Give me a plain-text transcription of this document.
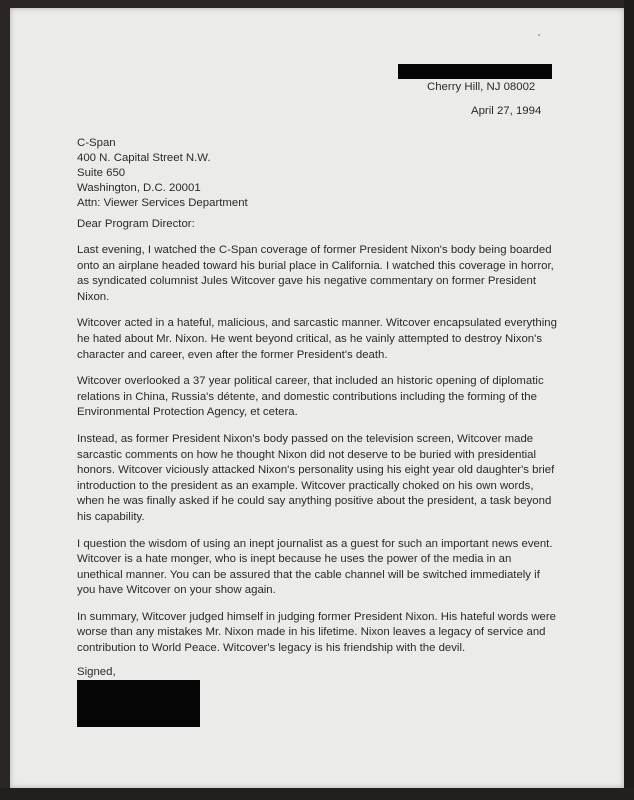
Cherry Hill, NJ 08002
April 27, 1994
C-Span
400 N. Capital Street N.W.
Suite 650
Washington, D.C. 20001
Attn: Viewer Services Department
Dear Program Director:

Last evening, I watched the C-Span coverage of former President Nixon's body being boarded onto an airplane headed toward his burial place in California. I watched this coverage in horror, as syndicated columnist Jules Witcover gave his negative commentary on former President Nixon.

Witcover acted in a hateful, malicious, and sarcastic manner. Witcover encapsulated everything he hated about Mr. Nixon. He went beyond critical, as he vainly attempted to destroy Nixon's character and career, even after the former President's death.

Witcover overlooked a 37 year political career, that included an historic opening of diplomatic relations in China, Russia's détente, and domestic contributions including the forming of the Environmental Protection Agency, et cetera.

Instead, as former President Nixon's body passed on the television screen, Witcover made sarcastic comments on how he thought Nixon did not deserve to be buried with presidential honors. Witcover viciously attacked Nixon's personality using his eight year old daughter's brief introduction to the president as an example. Witcover practically choked on his own words, when he was finally asked if he could say anything positive about the president, a task beyond his capability.

I question the wisdom of using an inept journalist as a guest for such an important news event. Witcover is a hate monger, who is inept because he uses the power of the media in an unethical manner. You can be assured that the cable channel will be switched immediately if you have Witcover on your show again.

In summary, Witcover judged himself in judging former President Nixon. His hateful words were worse than any mistakes Mr. Nixon made in his lifetime. Nixon leaves a legacy of service and contribution to World Peace. Witcover's legacy is his friendship with the devil.

Signed,
